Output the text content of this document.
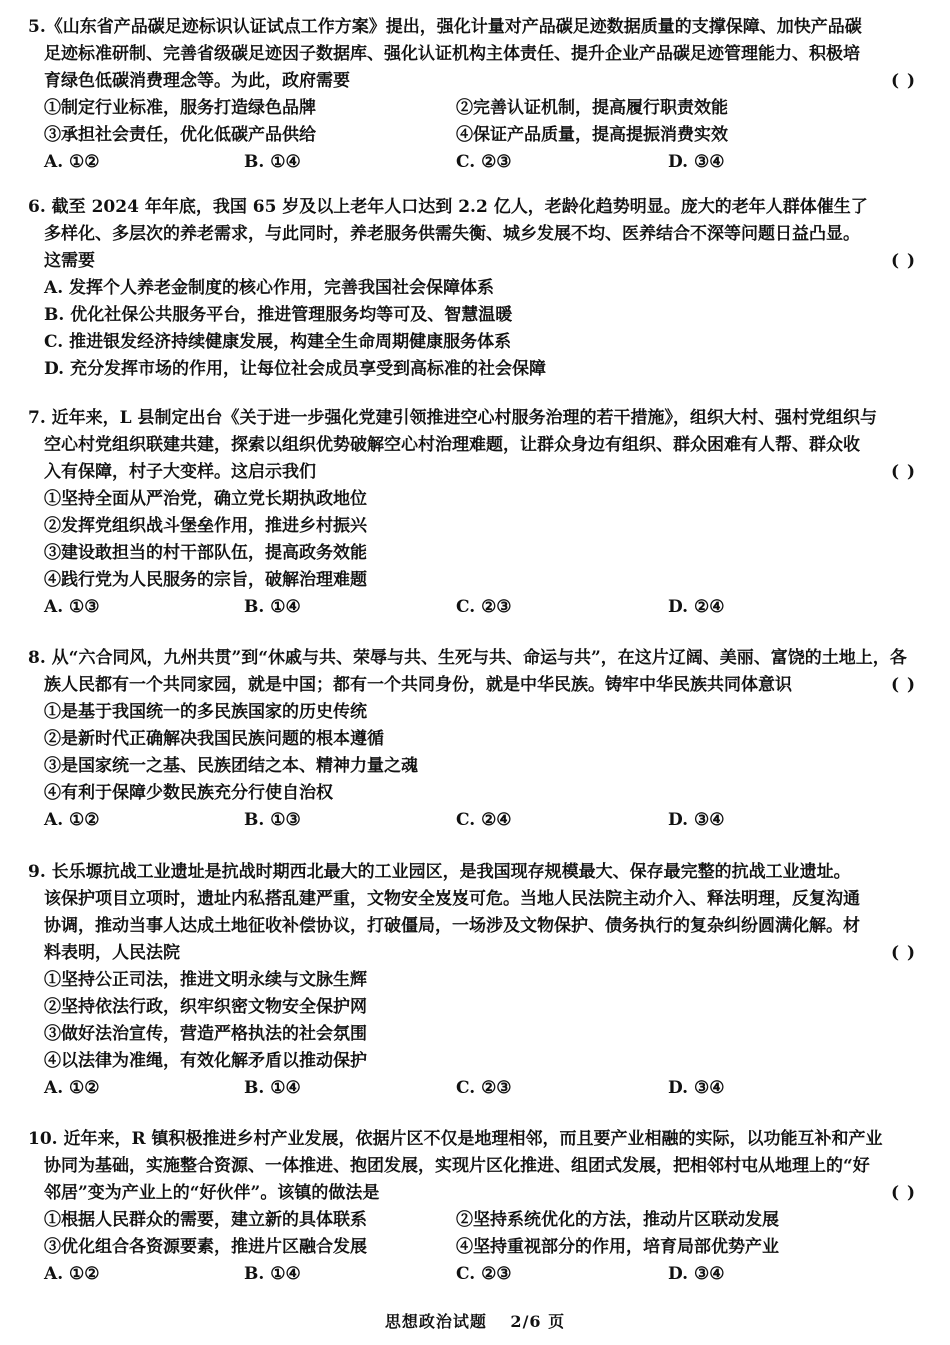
5.《山东省产品碳足迹标识认证试点工作方案》提出，强化计量对产品碳足迹数据质量的支撑保障、加快产品碳
足迹标准研制、完善省级碳足迹因子数据库、强化认证机构主体责任、提升企业产品碳足迹管理能力、积极培
育绿色低碳消费理念等。为此，政府需要	( )
①制定行业标准，服务打造绿色品牌	②完善认证机制，提高履行职责效能
③承担社会责任，优化低碳产品供给	④保证产品质量，提高提振消费实效
A. ①②	B. ①④	C. ②③	D. ③④
6. 截至 2024 年年底，我国 65 岁及以上老年人口达到 2.2 亿人，老龄化趋势明显。庞大的老年人群体催生了
多样化、多层次的养老需求，与此同时，养老服务供需失衡、城乡发展不均、医养结合不深等问题日益凸显。
这需要	( )
A. 发挥个人养老金制度的核心作用，完善我国社会保障体系
B. 优化社保公共服务平台，推进管理服务均等可及、智慧温暖
C. 推进银发经济持续健康发展，构建全生命周期健康服务体系
D. 充分发挥市场的作用，让每位社会成员享受到高标准的社会保障
7. 近年来，L 县制定出台《关于进一步强化党建引领推进空心村服务治理的若干措施》，组织大村、强村党组织与
空心村党组织联建共建，探索以组织优势破解空心村治理难题，让群众身边有组织、群众困难有人帮、群众收
入有保障，村子大变样。这启示我们	( )
①坚持全面从严治党，确立党长期执政地位
②发挥党组织战斗堡垒作用，推进乡村振兴
③建设敢担当的村干部队伍，提高政务效能
④践行党为人民服务的宗旨，破解治理难题
A. ①③	B. ①④	C. ②③	D. ②④
8. 从“六合同风，九州共贯”到“休戚与共、荣辱与共、生死与共、命运与共”，在这片辽阔、美丽、富饶的土地上，各
族人民都有一个共同家园，就是中国；都有一个共同身份，就是中华民族。铸牢中华民族共同体意识	( )
①是基于我国统一的多民族国家的历史传统
②是新时代正确解决我国民族问题的根本遵循
③是国家统一之基、民族团结之本、精神力量之魂
④有利于保障少数民族充分行使自治权
A. ①②	B. ①③	C. ②④	D. ③④
9. 长乐塬抗战工业遗址是抗战时期西北最大的工业园区，是我国现存规模最大、保存最完整的抗战工业遗址。
该保护项目立项时，遗址内私搭乱建严重，文物安全岌岌可危。当地人民法院主动介入、释法明理，反复沟通
协调，推动当事人达成土地征收补偿协议，打破僵局，一场涉及文物保护、债务执行的复杂纠纷圆满化解。材
料表明，人民法院	( )
①坚持公正司法，推进文明永续与文脉生辉
②坚持依法行政，织牢织密文物安全保护网
③做好法治宣传，营造严格执法的社会氛围
④以法律为准绳，有效化解矛盾以推动保护
A. ①②	B. ①④	C. ②③	D. ③④
10. 近年来，R 镇积极推进乡村产业发展，依据片区不仅是地理相邻，而且要产业相融的实际，以功能互补和产业
协同为基础，实施整合资源、一体推进、抱团发展，实现片区化推进、组团式发展，把相邻村屯从地理上的“好
邻居”变为产业上的“好伙伴”。该镇的做法是	( )
①根据人民群众的需要，建立新的具体联系	②坚持系统优化的方法，推动片区联动发展
③优化组合各资源要素，推进片区融合发展	④坚持重视部分的作用，培育局部优势产业
A. ①②	B. ①④	C. ②③	D. ③④
思想政治试题　 2/6 页
